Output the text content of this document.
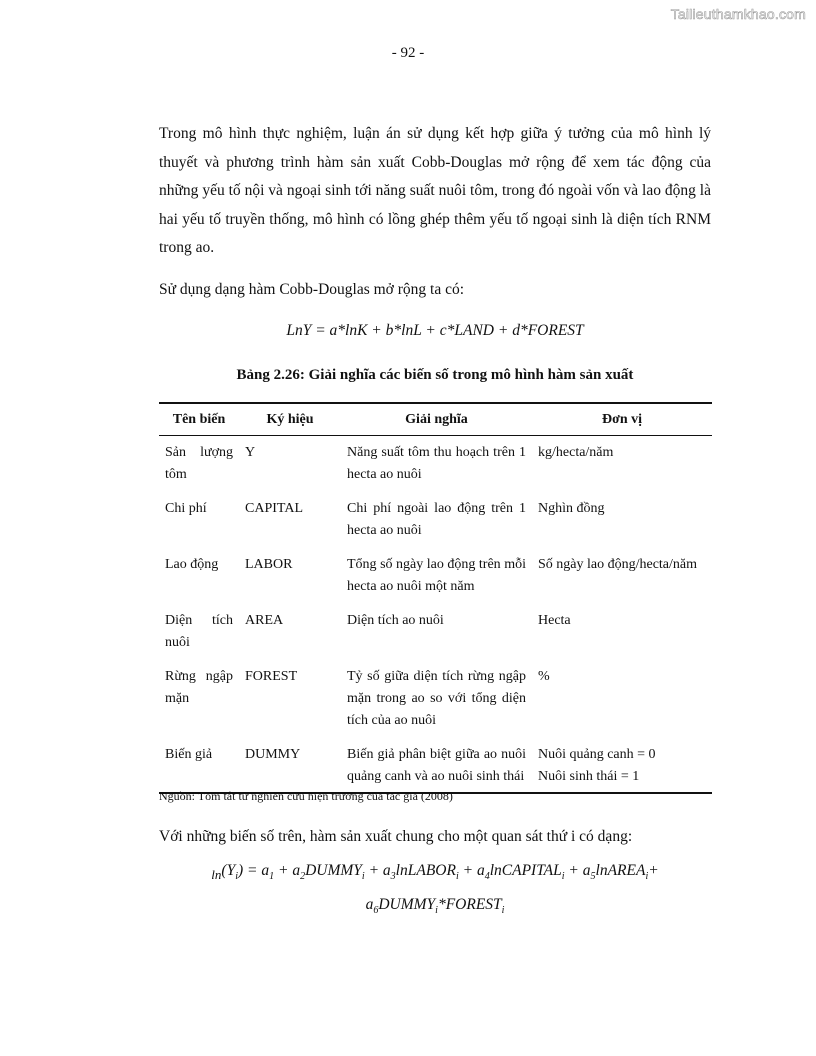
Tailieuthamkhao.com
- 92 -

Trong mô hình thực nghiệm, luận án sử dụng kết hợp giữa ý tưởng của mô hình lý thuyết và phương trình hàm sản xuất Cobb-Douglas mở rộng để xem tác động của những yếu tố nội và ngoại sinh tới năng suất nuôi tôm, trong đó ngoài vốn và lao động là hai yếu tố truyền thống, mô hình có lồng ghép thêm yếu tố ngoại sinh là diện tích RNM trong ao.

Sử dụng dạng hàm Cobb-Douglas mở rộng ta có:

LnY = a*lnK + b*lnL + c*LAND + d*FOREST
Bảng 2.26: Giải nghĩa các biến số trong mô hình hàm sản xuất
Tên biến	Ký hiệu	Giải nghĩa	Đơn vị
Sản lượng tôm	Y	Năng suất tôm thu hoạch trên 1 hecta ao nuôi	kg/hecta/năm
Chi phí	CAPITAL	Chi phí ngoài lao động trên 1 hecta ao nuôi	Nghìn đồng
Lao động	LABOR	Tổng số ngày lao động trên mỗi hecta ao nuôi một năm	Số ngày lao động/hecta/năm
Diện tích nuôi	AREA	Diện tích ao nuôi	Hecta
Rừng ngập mặn	FOREST	Tỷ số giữa diện tích rừng ngập mặn trong ao so với tổng diện tích của ao nuôi	%
Biến giả	DUMMY	Biến giả phân biệt giữa ao nuôi quảng canh và ao nuôi sinh thái	Nuôi quảng canh = 0
Nuôi sinh thái = 1
Nguồn: Tóm tắt từ nghiên cứu hiện trường của tác giả (2008)
Với những biến số trên, hàm sản xuất chung cho một quan sát thứ i có dạng:
$_{ln}(Y_i) = a_1$ + $a_2DUMMY_i$ + $a_3lnLABOR_i$ + $a_4lnCAPITAL_i$ + $a_5lnAREA_i+$
$a_6DUMMY_i*FOREST_i$
